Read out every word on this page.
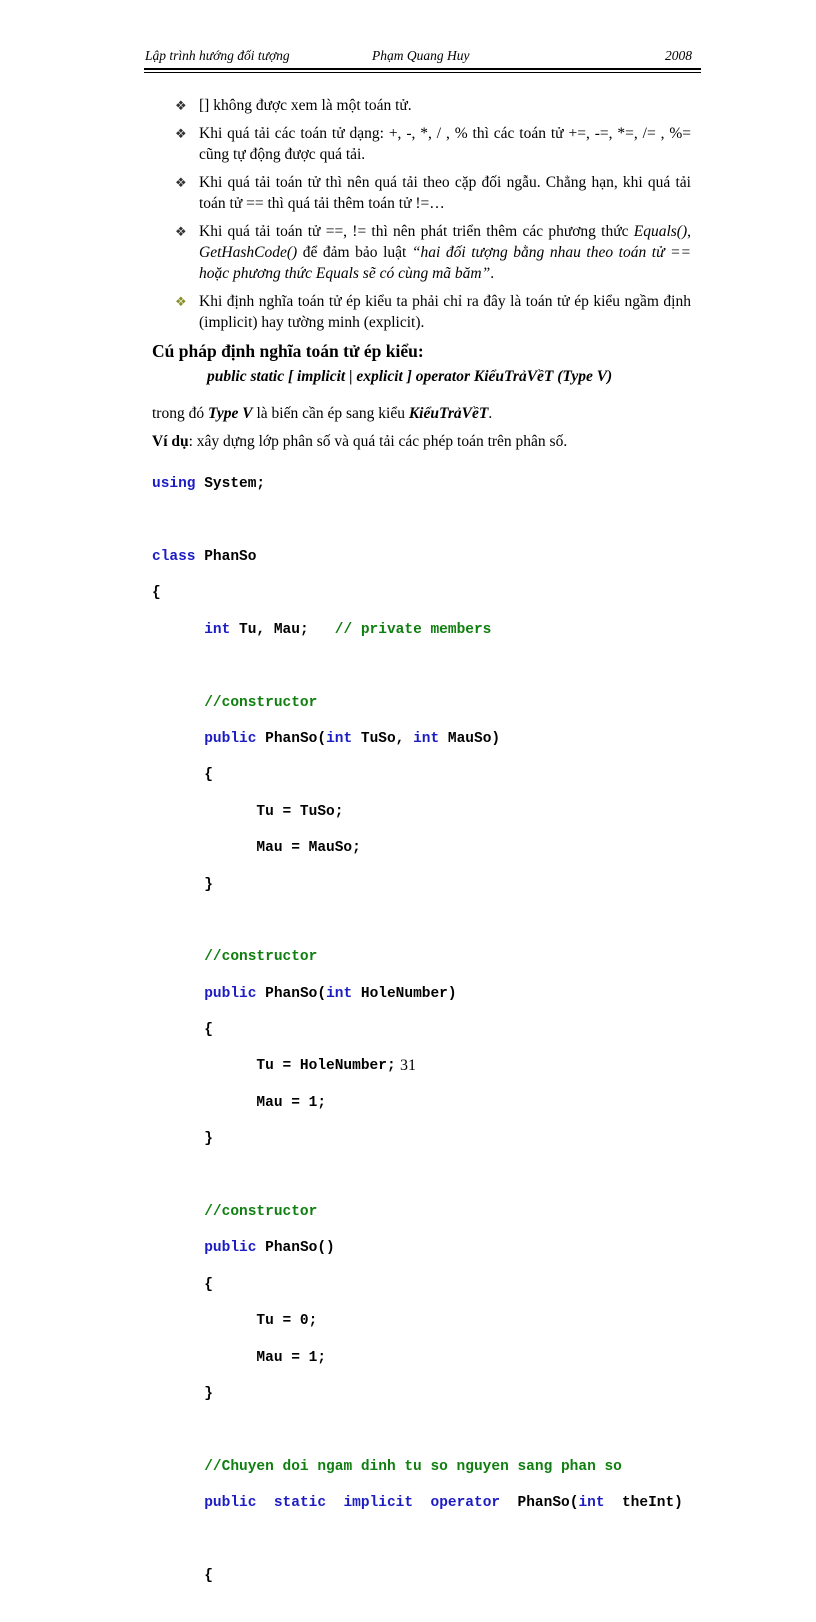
Lập trình hướng đối tượng	Phạm Quang Huy	2008
❖ [] không được xem là một toán tử.
❖ Khi quá tải các toán tử dạng: +, -, *, / , % thì các toán tử +=, -=, *=, /= , %= cũng tự động được quá tải.
❖ Khi quá tải toán tử thì nên quá tải theo cặp đối ngẫu. Chẳng hạn, khi quá tải toán tử == thì quá tải thêm toán tử !=…
❖ Khi quá tải toán tử ==, != thì nên phát triển thêm các phương thức Equals(), GetHashCode() để đảm bảo luật “hai đối tượng bằng nhau theo toán tử == hoặc phương thức Equals sẽ có cùng mã băm”.
❖ Khi định nghĩa toán tử ép kiểu ta phải chỉ ra đây là toán tử ép kiểu ngầm định (implicit) hay tường minh (explicit).
Cú pháp định nghĩa toán tử ép kiểu:
public static [ implicit | explicit ] operator KiểuTrảVềT (Type V)
trong đó Type V là biến cần ép sang kiểu KiểuTrảVềT.
Ví dụ: xây dựng lớp phân số và quá tải các phép toán trên phân số.

using System;

class PhanSo

{

int Tu, Mau;   // private members

//constructor

public PhanSo(int TuSo, int MauSo)

{

Tu = TuSo;

Mau = MauSo;

}

//constructor

public PhanSo(int HoleNumber)

{

Tu = HoleNumber;

Mau = 1;

}

//constructor

public PhanSo()

{

Tu = 0;

Mau = 1;

}

//Chuyen doi ngam dinh tu so nguyen sang phan so

public static implicit operator PhanSo(int theInt)

{

31
